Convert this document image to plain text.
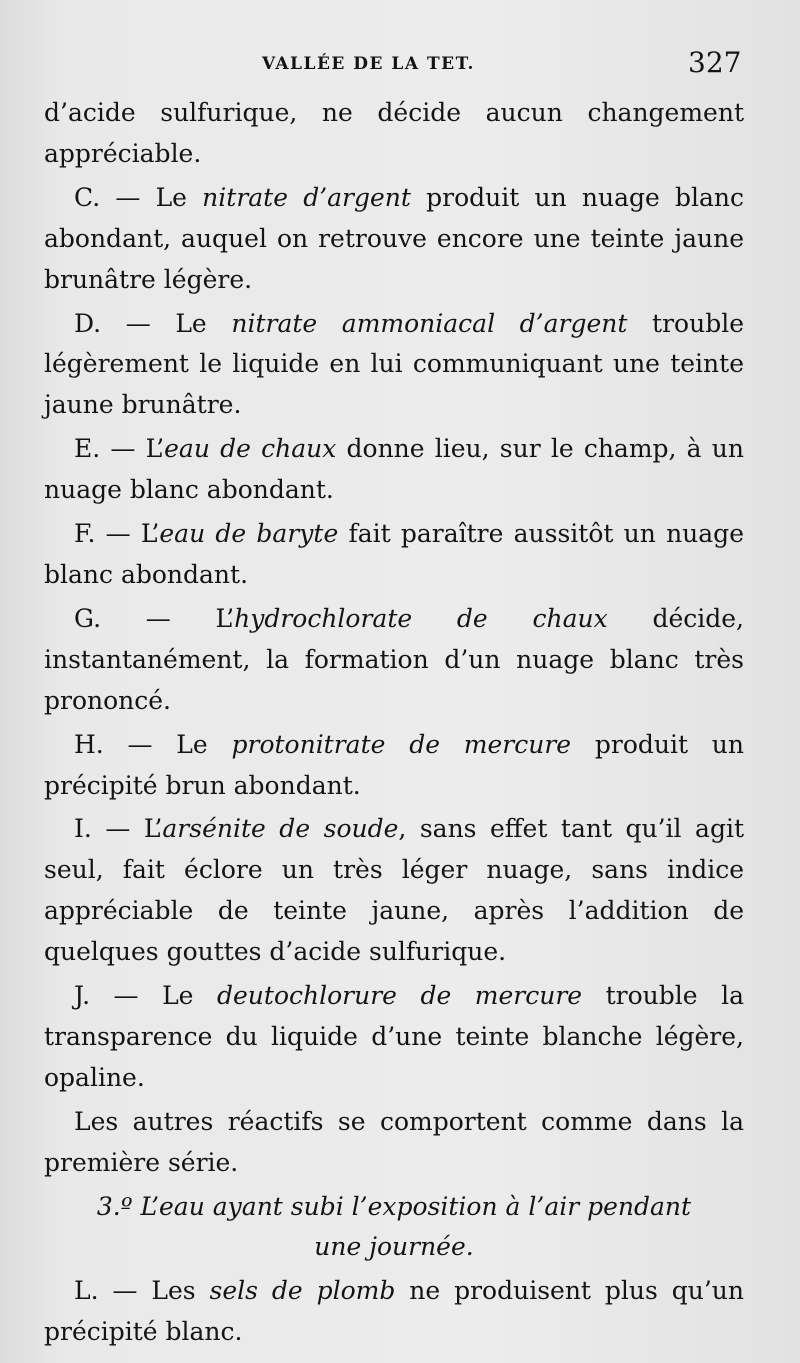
VALLÉE DE LA TET.	327

d’acide sulfurique, ne décide aucun changement appréciable.

C. — Le nitrate d’argent produit un nuage blanc abondant, auquel on retrouve encore une teinte jaune brunâtre légère.

D. — Le nitrate ammoniacal d’argent trouble légèrement le liquide en lui communiquant une teinte jaune brunâtre.

E. — L’eau de chaux donne lieu, sur le champ, à un nuage blanc abondant.

F. — L’eau de baryte fait paraître aussitôt un nuage blanc abondant.

G. — L’hydrochlorate de chaux décide, instantanément, la formation d’un nuage blanc très prononcé.

H. — Le protonitrate de mercure produit un précipité brun abondant.

I. — L’arsénite de soude, sans effet tant qu’il agit seul, fait éclore un très léger nuage, sans indice appréciable de teinte jaune, après l’addition de quelques gouttes d’acide sulfurique.

J. — Le deutochlorure de mercure trouble la transparence du liquide d’une teinte blanche légère, opaline.

Les autres réactifs se comportent comme dans la première série.

3.º L’eau ayant subi l’exposition à l’air pendant
une journée.

L. — Les sels de plomb ne produisent plus qu’un précipité blanc.
